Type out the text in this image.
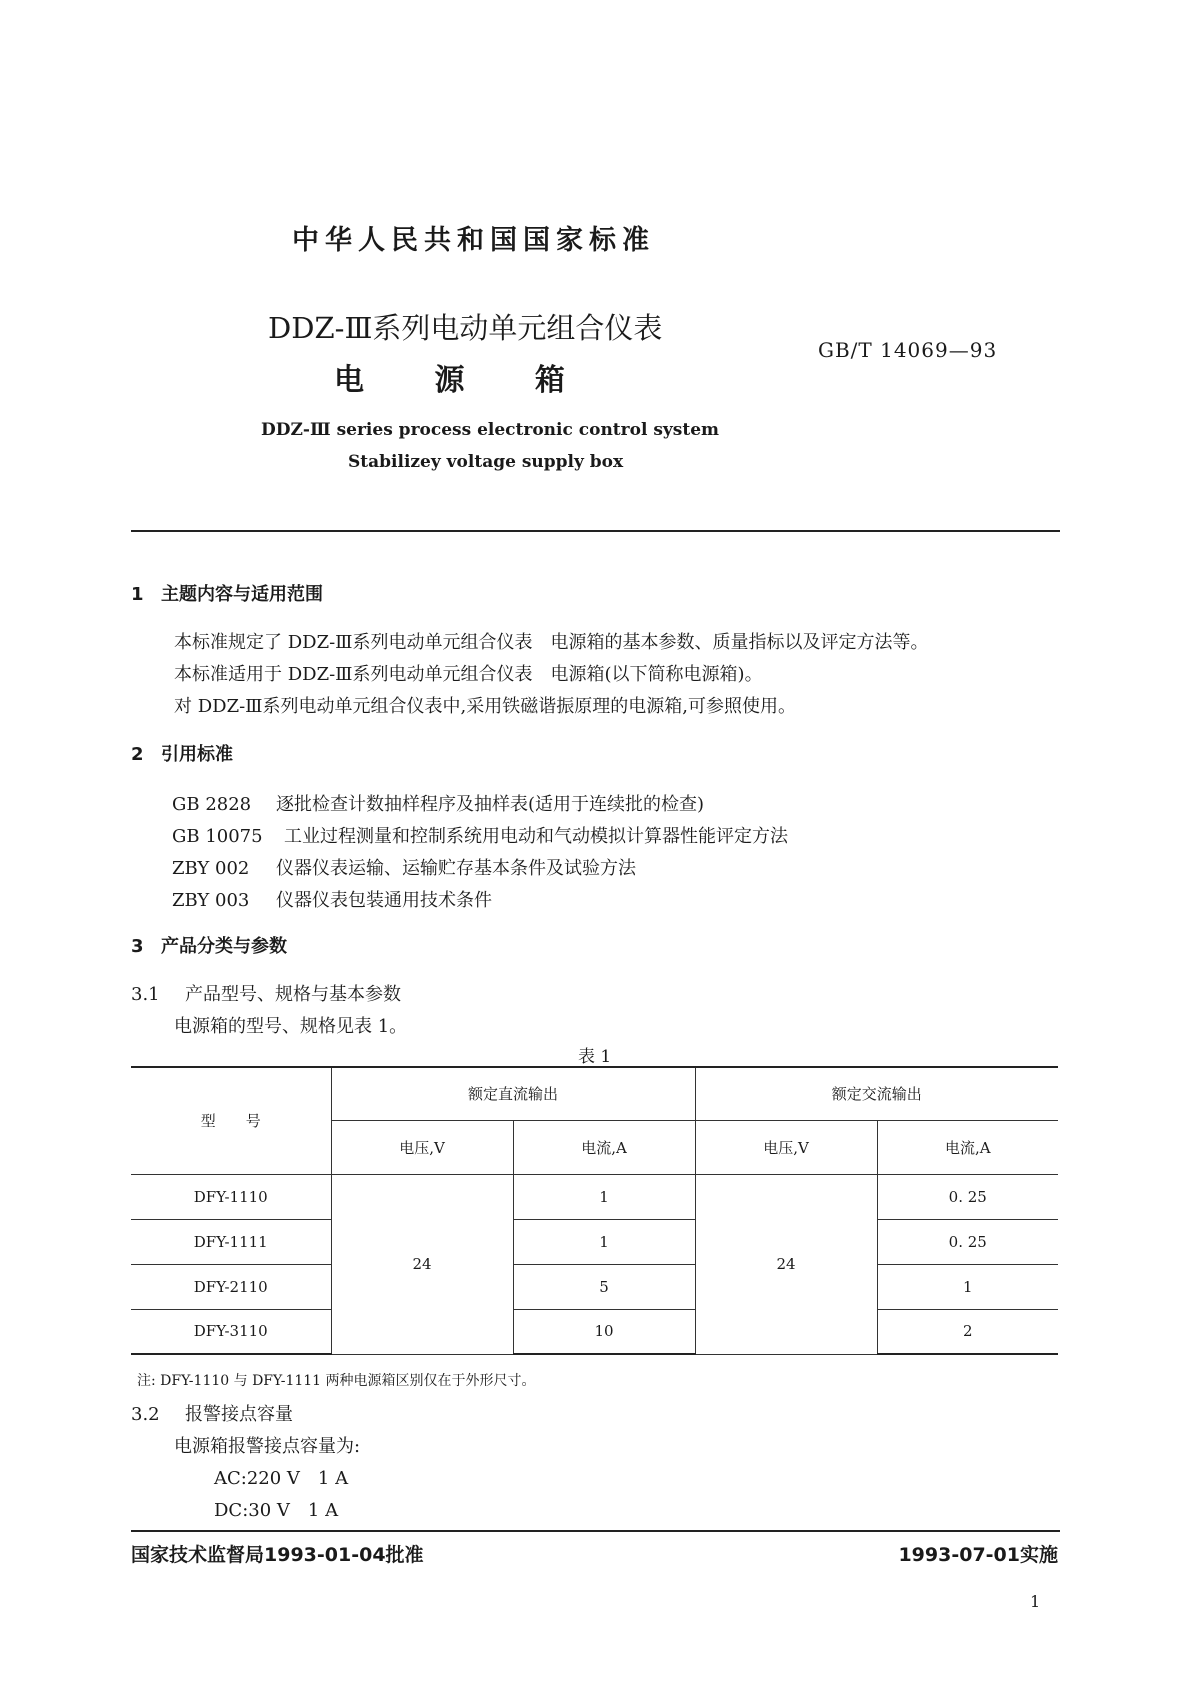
中华人民共和国国家标准
DDZ-Ⅲ系列电动单元组合仪表
电 源 箱
GB/T 14069—93
DDZ-Ⅲ series process electronic control system
Stabilizey voltage supply box
1 主题内容与适用范围
本标准规定了 DDZ-Ⅲ系列电动单元组合仪表　电源箱的基本参数、质量指标以及评定方法等。
本标准适用于 DDZ-Ⅲ系列电动单元组合仪表　电源箱(以下简称电源箱)。
对 DDZ-Ⅲ系列电动单元组合仪表中,采用铁磁谐振原理的电源箱,可参照使用。
2 引用标准
GB 2828 逐批检查计数抽样程序及抽样表(适用于连续批的检查)
GB 10075 工业过程测量和控制系统用电动和气动模拟计算器性能评定方法
ZBY 002 仪器仪表运输、运输贮存基本条件及试验方法
ZBY 003 仪器仪表包装通用技术条件
3 产品分类与参数
3.1 产品型号、规格与基本参数
电源箱的型号、规格见表 1。
表 1
型　　号	额定直流输出		额定交流输出	
	电压,V	电流,A	电压,V	电流,A
DFY-1110	24	1	24	0. 25
DFY-1111		1		0. 25
DFY-2110		5		1
DFY-3110		10		2
注: DFY-1110 与 DFY-1111 两种电源箱区别仅在于外形尺寸。
3.2 报警接点容量
电源箱报警接点容量为:
AC:220 V　1 A
DC:30 V　1 A
国家技术监督局1993-01-04批准	1993-07-01实施
1
